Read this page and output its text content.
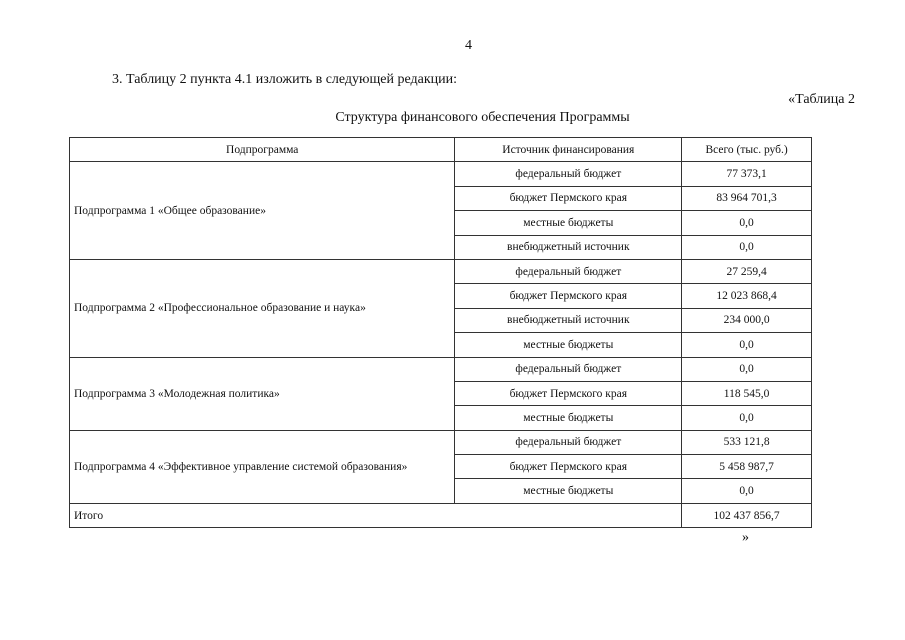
4
3. Таблицу 2 пункта 4.1 изложить в следующей редакции:
«Таблица 2
Структура финансового обеспечения Программы
Подпрограмма	Источник финансирования	Всего (тыс. руб.)
Подпрограмма 1 «Общее образование»	федеральный бюджет	77 373,1
	бюджет Пермского края	83 964 701,3
	местные бюджеты	0,0
	внебюджетный источник	0,0
Подпрограмма 2 «Профессиональное образование и наука»	федеральный бюджет	27 259,4
	бюджет Пермского края	12 023 868,4
	внебюджетный источник	234 000,0
	местные бюджеты	0,0
Подпрограмма 3 «Молодежная политика»	федеральный бюджет	0,0
	бюджет Пермского края	118 545,0
	местные бюджеты	0,0
Подпрограмма 4 «Эффективное управление системой образования»	федеральный бюджет	533 121,8
	бюджет Пермского края	5 458 987,7
	местные бюджеты	0,0
Итого		102 437 856,7
»
